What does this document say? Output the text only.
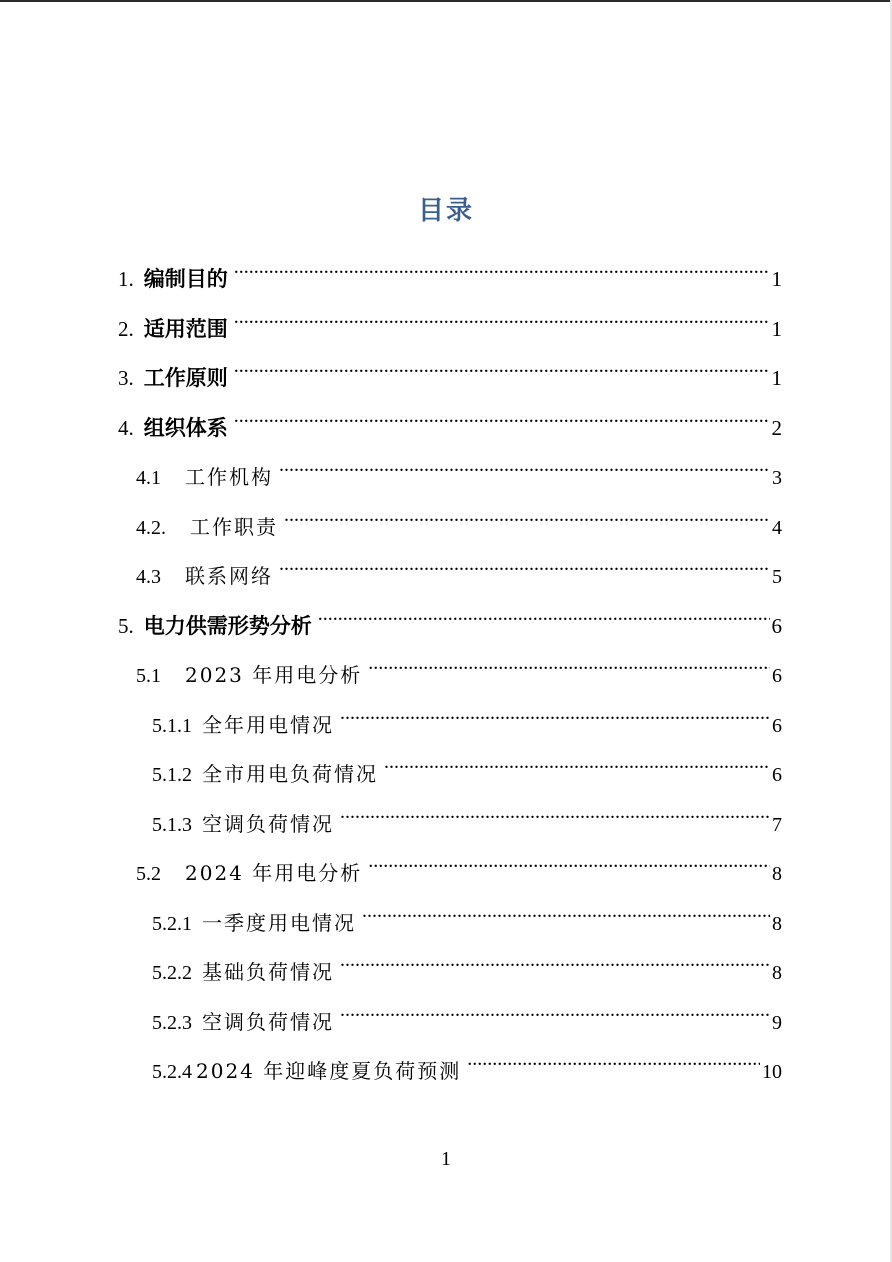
目录
1. 编制目的 .....	1
2. 适用范围 .....	1
3. 工作原则 .....	1
4. 组织体系 .....	2
4.1 工作机构 .....	3
4.2. 工作职责 .....	4
4.3 联系网络 .....	5
5. 电力供需形势分析 .....	6
5.1 2023 年用电分析 .....	6
5.1.1 全年用电情况 .....	6
5.1.2 全市用电负荷情况 .....	6
5.1.3 空调负荷情况 .....	7
5.2 2024 年用电分析 .....	8
5.2.1 一季度用电情况 .....	8
5.2.2 基础负荷情况 .....	8
5.2.3 空调负荷情况 .....	9
5.2.4 2024 年迎峰度夏负荷预测 .....	10
1
